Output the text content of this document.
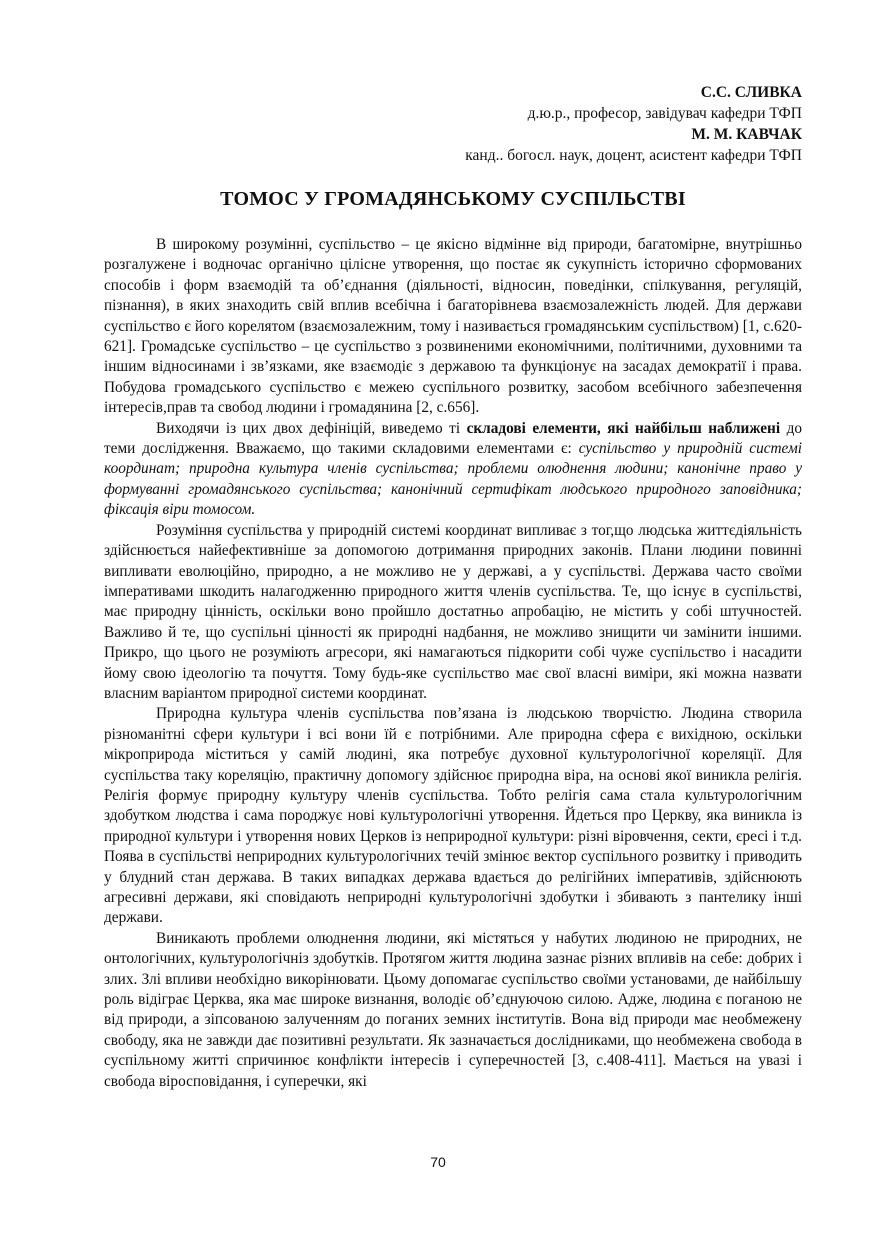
С.С. СЛИВКА
д.ю.р., професор, завідувач кафедри ТФП
М. М. КАВЧАК
канд.. богосл. наук, доцент, асистент кафедри ТФП
ТОМОС У ГРОМАДЯНСЬКОМУ СУСПІЛЬСТВІ

В широкому розумінні, суспільство – це якісно відмінне від природи, багатомірне, внутрішньо розгалужене і водночас органічно цілісне утворення, що постає як сукупність історично сформованих способів і форм взаємодій та об’єднання (діяльності, відносин, поведінки, спілкування, регуляцій, пізнання), в яких знаходить свій вплив всебічна і багаторівнева взаємозалежність людей. Для держави суспільство є його корелятом (взаємозалежним, тому і називається громадянським суспільством) [1, с.620-621]. Громадське суспільство – це суспільство з розвиненими економічними, політичними, духовними та іншим відносинами і зв’язками, яке взаємодіє з державою та функціонує на засадах демократії і права. Побудова громадського суспільство є межею суспільного розвитку, засобом всебічного забезпечення інтересів,прав та свобод людини і громадянина [2, с.656].

Виходячи із цих двох дефініцій, виведемо ті складові елементи, які найбільш наближені до теми дослідження. Вважаємо, що такими складовими елементами є: суспільство у природній системі координат; природна культура членів суспільства; проблеми олюднення людини; канонічне право у формуванні громадянського суспільства; канонічний сертифікат людського природного заповідника; фіксація віри томосом.

Розуміння суспільства у природній системі координат випливає з тог,що людська життєдіяльність здійснюється найефективніше за допомогою дотримання природних законів. Плани людини повинні випливати еволюційно, природно, а не можливо не у державі, а у суспільстві. Держава часто своїми імперативами шкодить налагодженню природного життя членів суспільства. Те, що існує в суспільстві, має природну цінність, оскільки воно пройшло достатньо апробацію, не містить у собі штучностей. Важливо й те, що суспільні цінності як природні надбання, не можливо знищити чи замінити іншими. Прикро, що цього не розуміють агресори, які намагаються підкорити собі чуже суспільство і насадити йому свою ідеологію та почуття. Тому будь-яке суспільство має свої власні виміри, які можна назвати власним варіантом природної системи координат.

Природна культура членів суспільства пов’язана із людською творчістю. Людина створила різноманітні сфери культури і всі вони їй є потрібними. Але природна сфера є вихідною, оскільки мікроприрода міститься у самій людині, яка потребує духовної культурологічної кореляції. Для суспільства таку кореляцію, практичну допомогу здійснює природна віра, на основі якої виникла релігія. Релігія формує природну культуру членів суспільства. Тобто релігія сама стала культурологічним здобутком людства і сама породжує нові культурологічні утворення. Йдеться про Церкву, яка виникла із природної культури і утворення нових Церков із неприродної культури: різні віровчення, секти, єресі і т.д. Поява в суспільстві неприродних культурологічних течій змінює вектор суспільного розвитку і приводить у блудний стан держава. В таких випадках держава вдається до релігійних імперативів, здійснюють агресивні держави, які сповідають неприродні культурологічні здобутки і збивають з пантелику інші держави.

Виникають проблеми олюднення людини, які містяться у набутих людиною не природних, не онтологічних, культурологічнiз здобутків. Протягом життя людина зазнає різних впливів на себе: добрих і злих. Злі впливи необхідно викорінювати. Цьому допомагає суспільство своїми установами, де найбільшу роль відіграє Церква, яка має широке визнання, володіє об’єднуючою силою. Адже, людина є поганою не від природи, а зіпсованою залученням до поганих земних інститутів. Вона від природи має необмежену свободу, яка не завжди дає позитивні результати. Як зазначається дослідниками, що необмежена свобода в суспільному житті спричинює конфлікти інтересів і суперечностей [3, с.408-411]. Мається на увазі і свобода віросповідання, і суперечки, які

70
